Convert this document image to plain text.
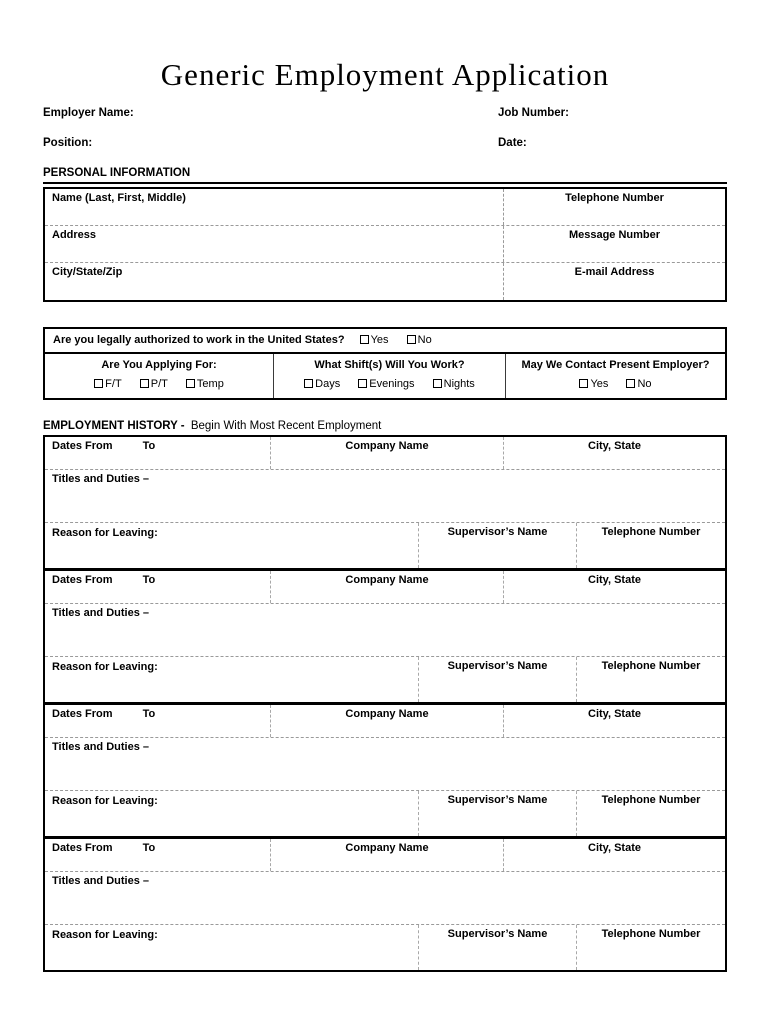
Generic Employment Application
Employer Name:	Job Number:
Position:	Date:
PERSONAL INFORMATION
Name (Last, First, Middle)	Telephone Number
Address	Message Number
City/State/Zip	E-mail Address
Are you legally authorized to work in the United States? Yes	No
Are You Applying For:
F/T	P/T	Temp
What Shift(s) Will You Work?
Days	Evenings	Nights
May We Contact Present Employer?
Yes	No
EMPLOYMENT HISTORY - Begin With Most Recent Employment
Dates From	To	Company Name	City, State
Titles and Duties –
Reason for Leaving:	Supervisor’s Name	Telephone Number
Dates From	To	Company Name	City, State
Titles and Duties –
Reason for Leaving:	Supervisor’s Name	Telephone Number
Dates From	To	Company Name	City, State
Titles and Duties –
Reason for Leaving:	Supervisor’s Name	Telephone Number
Dates From	To	Company Name	City, State
Titles and Duties –
Reason for Leaving:	Supervisor’s Name	Telephone Number
